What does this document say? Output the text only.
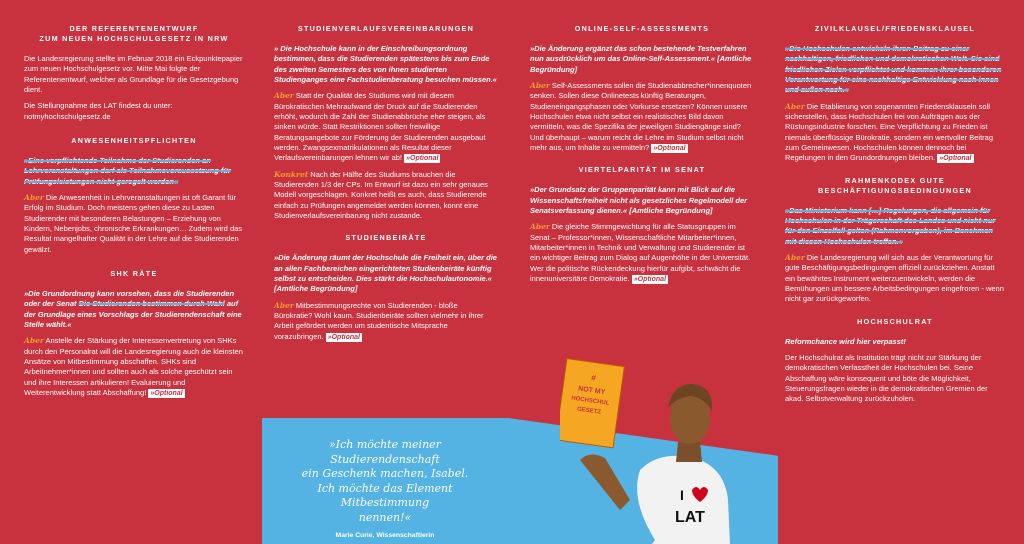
DER REFERENTENENTWURF
ZUM NEUEN HOCHSCHULGESETZ IN NRW

Die Landesregierung stellte im Februar 2018 ein Eckpunktepapier zum neuen Hochschulgesetz vor. Mitte Mai folgte der Referentenentwurf, welcher als Grundlage für die Gesetzgebung dient.

Die Stellungnahme des LAT findest du unter: notmyhochschulgesetz.de

ANWESENHEITSPFLICHTEN

»Eine verpflichtende Teilnahme der Studierenden an Lehrveranstaltungen darf als Teilnahmevoraussetzung für Prüfungsleistungen nicht geregelt werden«

Aber Die Anwesenheit in Lehrveranstaltungen ist oft Garant für Erfolg im Studium. Doch meistens gehen diese zu Lasten Studierender mit besonderen Belastungen – Erziehung von Kindern, Nebenjobs, chronische Erkrankungen… Zudem wird das Resultat mangelhafter Qualität in der Lehre auf die Studierenden gewälzt.

SHK RÄTE

»Die Grundordnung kann vorsehen, dass die Studierenden oder der Senat Die Studierenden bestimmen durch Wahl auf der Grundlage eines Vorschlags der Studierendenschaft eine Stelle wählt.«

Aber Anstelle der Stärkung der Interessenvertretung von SHKs durch den Personalrat will die Landesregierung auch die kleinsten Ansätze von Mitbestimmung abschaffen. SHKs sind Arbeitnehmer*innen und sollten auch als solche geschützt sein und ihre Interessen artikulieren! Evaluierung und Weiterentwicklung statt Abschaffung! »Optional

STUDIENVERLAUFSVEREINBARUNGEN

» Die Hochschule kann in der Einschreibungsordnung bestimmen, dass die Studierenden spätestens bis zum Ende des zweiten Semesters des von ihnen studierten Studienganges eine Fachstudienberatung besuchen müssen.«

Aber Statt der Qualität des Studiums wird mit diesem Bürokratischen Mehraufwand der Druck auf die Studierenden erhöht, wodurch die Zahl der Studienabbrüche eher steigen, als sinken würde. Statt Restriktionen sollten freiwillige Beratungsangebote zur Förderung der Studierenden ausgebaut werden. Zwangsexmatrikulationen als Resultat dieser Verlaufsvereinbarungen lehnen wir ab! »Optional

Konkret Nach der Hälfte des Studiums brauchen die Studierenden 1/3 der CPs. Im Entwurf ist dazu ein sehr genaues Modell vorgeschlagen. Konkret heißt es auch, dass Studierende einfach zu Prüfungen angemeldet werden können, konnt eine Studienverlaufsvereinbarung nicht zustande.

STUDIENBEIRÄTE

»Die Änderung räumt der Hochschule die Freiheit ein, über die an allen Fachbereichen eingerichteten Studienbeiräte künftig selbst zu entscheiden. Dies stärkt die Hochschulautonomie.« [Amtliche Begründung]

Aber Mitbestimmungsrechte von Studierenden - bloße Bürokratie? Wohl kaum. Studienbeiräte sollten vielmehr in ihrer Arbeit gefördert werden um studentische Mitsprache vorazubringen. »Optional

»Ich möchte meiner Studierendenschaft
ein Geschenk machen, Isabel.
Ich möchte das Element Mitbestimmung
nennen!«
Marie Curie, Wissenschaftlerin
ONLINE-SELF-ASSESSMENTS

»Die Änderung ergänzt das schon bestehende Testverfahren nun ausdrücklich um das Online-Self-Assessment.« [Amtliche Begründung]

Aber Self-Assessments sollen die Studienabbrecher*innenquoten senken. Sollen diese Onlinetests künftig Beratungen, Studieneingangsphasen oder Vorkurse ersetzen? Können unsere Hochschulen etwa nicht selbst ein realistisches Bild davon vermitteln, was die Spezifika der jeweiligen Studiengänge sind? Und überhaupt – warum reicht die Lehre im Studium selbst nicht mehr aus, um Inhalte zu vermitteln? »Optional

VIERTELPARITÄT IM SENAT

»Der Grundsatz der Gruppenparität kann mit Blick auf die Wissenschaftsfreiheit nicht als gesetzliches Regelmodell der Senatsverfassung dienen.« [Amtliche Begründung]

Aber Die gleiche Stimmgewichtung für alle Statusgruppen im Senat – Professor*innen, Wissenschaftliche Mitarbeiter*innen, Mitarbeiter*innen in Technik und Verwaltung und Studierender ist ein wichtiger Beitrag zum Dialog auf Augenhöhe in der Universität. Wer die politische Rückendeckung hierfür aufgibt, schwächt die innenuniversitäre Demokratie. »Optional

#
NOT MY
HOCHSCHUL
GESETZ
I
LAT
ZIVILKLAUSEL/FRIEDENSKLAUSEL

»Die Hochschulen entwickeln ihren Beitrag zu einer nachhaltigen, friedlichen und demokratischen Welt. Sie sind friedlichen Zielen verpflichtet und kommen ihrer besonderen Verantwortung für eine nachhaltige Entwicklung nach innen und außen nach.«

Aber Die Etablierung von sogenannten Friedensklauseln soll sicherstellen, dass Hochschulen frei von Aufträgen aus der Rüstungsindustrie forschen. Eine Verpflichtung zu Frieden ist niemals überflüssige Bürokratie, sondern ein wertvoller Beitrag zum Gemeinwesen. Hochschulen können dennoch bei Regelungen in den Grundordnungen bleiben. »Optional

RAHMENKODEX GUTE
BESCHÄFTIGUNGSBEDINGUNGEN

»Das Ministerium kann […] Regelungen, die allgemein für Hochschulen in der Trägerschaft des Landes und nicht nur für den Einzelfall gelten (Rahmenvorgaben), im Benehmen mit diesen Hochschulen treffen.«

Aber Die Landesregierung will sich aus der Verantwortung für gute Beschäftigungsbedingungen offiziell zurückziehen. Anstatt ein bewährtes Instrument weiterzuentwickeln, werden die Bemühungen um bessere Arbeitsbedingungen eingefroren - wenn nicht gar zurückgeworfen.

HOCHSCHULRAT

Reformchance wird hier verpasst!

Der Hochschulrat als Institution trägt nicht zur Stärkung der demokratischen Verfasstheit der Hochschulen bei. Seine Abschaffung wäre konsequent und böte die Möglichkeit, Steuerungsfragen wieder in die demokratischen Gremien der akad. Selbstverwaltung zurückzuholen.
